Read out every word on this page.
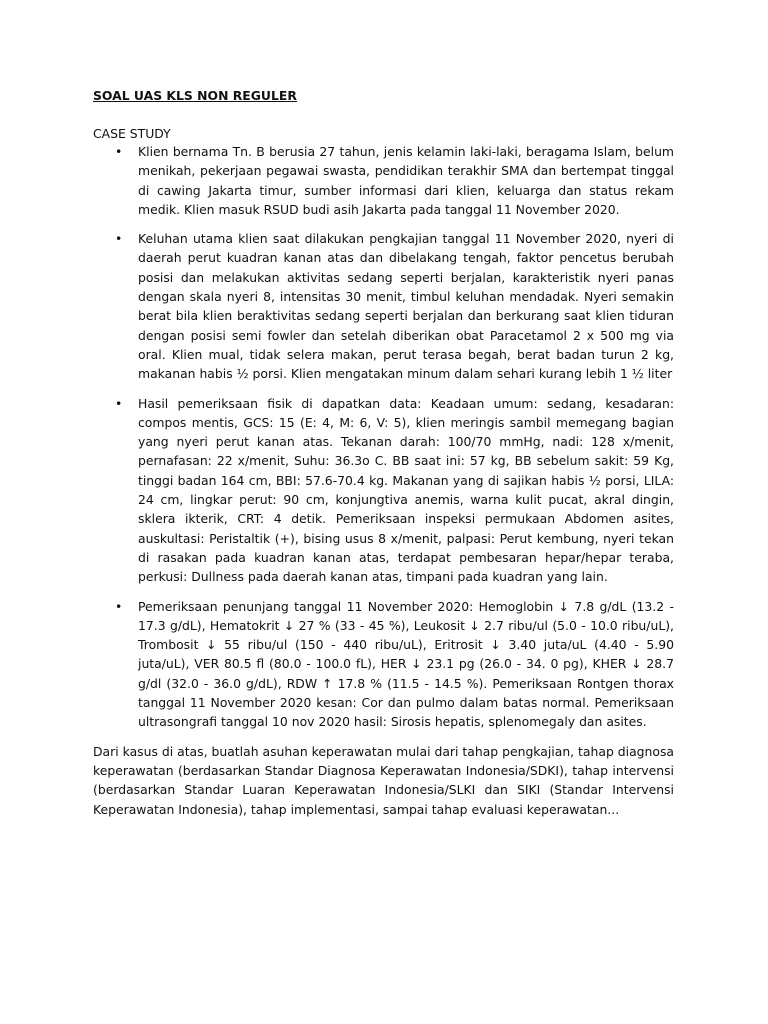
SOAL UAS KLS NON REGULER

CASE STUDY

• Klien bernama Tn. B berusia 27 tahun, jenis kelamin laki-laki, beragama Islam, belum menikah, pekerjaan pegawai swasta, pendidikan terakhir SMA dan bertempat tinggal di cawing Jakarta timur, sumber informasi dari klien, keluarga dan status rekam medik. Klien masuk RSUD budi asih Jakarta pada tanggal 11 November 2020.
• Keluhan utama klien saat dilakukan pengkajian tanggal 11 November 2020, nyeri di daerah perut kuadran kanan atas dan dibelakang tengah, faktor pencetus berubah posisi dan melakukan aktivitas sedang seperti berjalan, karakteristik nyeri panas dengan skala nyeri 8, intensitas 30 menit, timbul keluhan mendadak. Nyeri semakin berat bila klien beraktivitas sedang seperti berjalan dan berkurang saat klien tiduran dengan posisi semi fowler dan setelah diberikan obat Paracetamol 2 x 500 mg via oral. Klien mual, tidak selera makan, perut terasa begah, berat badan turun 2 kg, makanan habis ½ porsi. Klien mengatakan minum dalam sehari kurang lebih 1 ½ liter
• Hasil pemeriksaan fisik di dapatkan data: Keadaan umum: sedang, kesadaran: compos mentis, GCS: 15 (E: 4, M: 6, V: 5), klien meringis sambil memegang bagian yang nyeri perut kanan atas. Tekanan darah: 100/70 mmHg, nadi: 128 x/menit, pernafasan: 22 x/menit, Suhu: 36.3o C. BB saat ini: 57 kg, BB sebelum sakit: 59 Kg, tinggi badan 164 cm, BBI: 57.6-70.4 kg. Makanan yang di sajikan habis ½ porsi, LILA: 24 cm, lingkar perut: 90 cm, konjungtiva anemis, warna kulit pucat, akral dingin, sklera ikterik, CRT: 4 detik. Pemeriksaan inspeksi permukaan Abdomen asites, auskultasi: Peristaltik (+), bising usus 8 x/menit, palpasi: Perut kembung, nyeri tekan di rasakan pada kuadran kanan atas, terdapat pembesaran hepar/hepar teraba, perkusi: Dullness pada daerah kanan atas, timpani pada kuadran yang lain.
• Pemeriksaan penunjang tanggal 11 November 2020: Hemoglobin ↓ 7.8 g/dL (13.2 - 17.3 g/dL), Hematokrit ↓ 27 % (33 - 45 %), Leukosit ↓ 2.7 ribu/ul (5.0 - 10.0 ribu/uL), Trombosit ↓ 55 ribu/ul (150 - 440 ribu/uL), Eritrosit ↓ 3.40 juta/uL (4.40 - 5.90 juta/uL), VER 80.5 fl (80.0 - 100.0 fL), HER ↓ 23.1 pg (26.0 - 34. 0 pg), KHER ↓ 28.7 g/dl (32.0 - 36.0 g/dL), RDW ↑ 17.8 % (11.5 - 14.5 %). Pemeriksaan Rontgen thorax tanggal 11 November 2020 kesan: Cor dan pulmo dalam batas normal. Pemeriksaan ultrasongrafi tanggal 10 nov 2020 hasil: Sirosis hepatis, splenomegaly dan asites.

Dari kasus di atas, buatlah asuhan keperawatan mulai dari tahap pengkajian, tahap diagnosa keperawatan (berdasarkan Standar Diagnosa Keperawatan Indonesia/SDKI), tahap intervensi (berdasarkan Standar Luaran Keperawatan Indonesia/SLKI dan SIKI (Standar Intervensi Keperawatan Indonesia), tahap implementasi, sampai tahap evaluasi keperawatan...
